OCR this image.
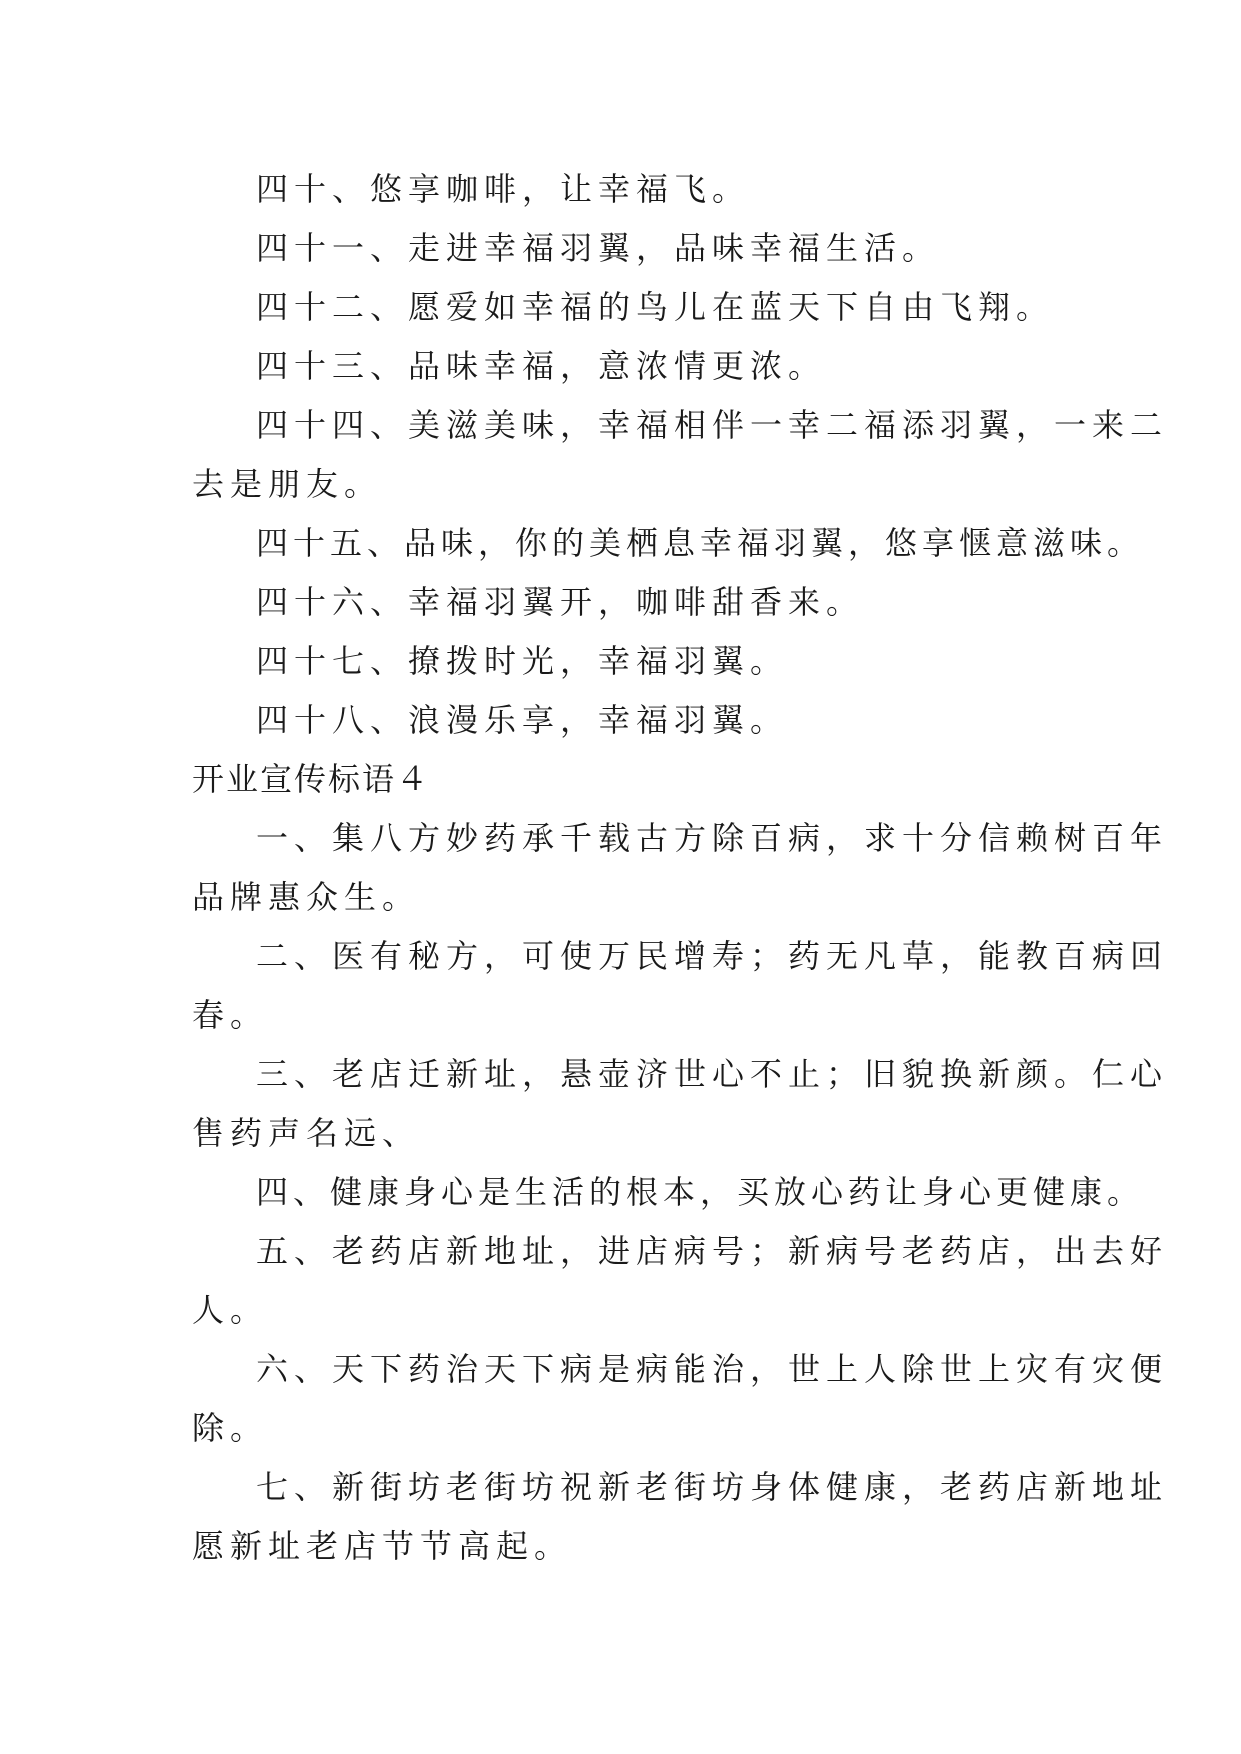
四十、悠享咖啡，让幸福飞。

四十一、走进幸福羽翼，品味幸福生活。

四十二、愿爱如幸福的鸟儿在蓝天下自由飞翔。

四十三、品味幸福，意浓情更浓。

四十四、美滋美味，幸福相伴一幸二福添羽翼，一来二

去是朋友。

四十五、品味，你的美栖息幸福羽翼，悠享惬意滋味。

四十六、幸福羽翼开，咖啡甜香来。

四十七、撩拨时光，幸福羽翼。

四十八、浪漫乐享，幸福羽翼。

开业宣传标语４

一、集八方妙药承千载古方除百病，求十分信赖树百年

品牌惠众生。

二、医有秘方，可使万民增寿；药无凡草，能教百病回

春。

三、老店迁新址，悬壶济世心不止；旧貌换新颜。仁心

售药声名远、

四、健康身心是生活的根本，买放心药让身心更健康。

五、老药店新地址，进店病号；新病号老药店，出去好

人。

六、天下药治天下病是病能治，世上人除世上灾有灾便

除。

七、新街坊老街坊祝新老街坊身体健康，老药店新地址

愿新址老店节节高起。
